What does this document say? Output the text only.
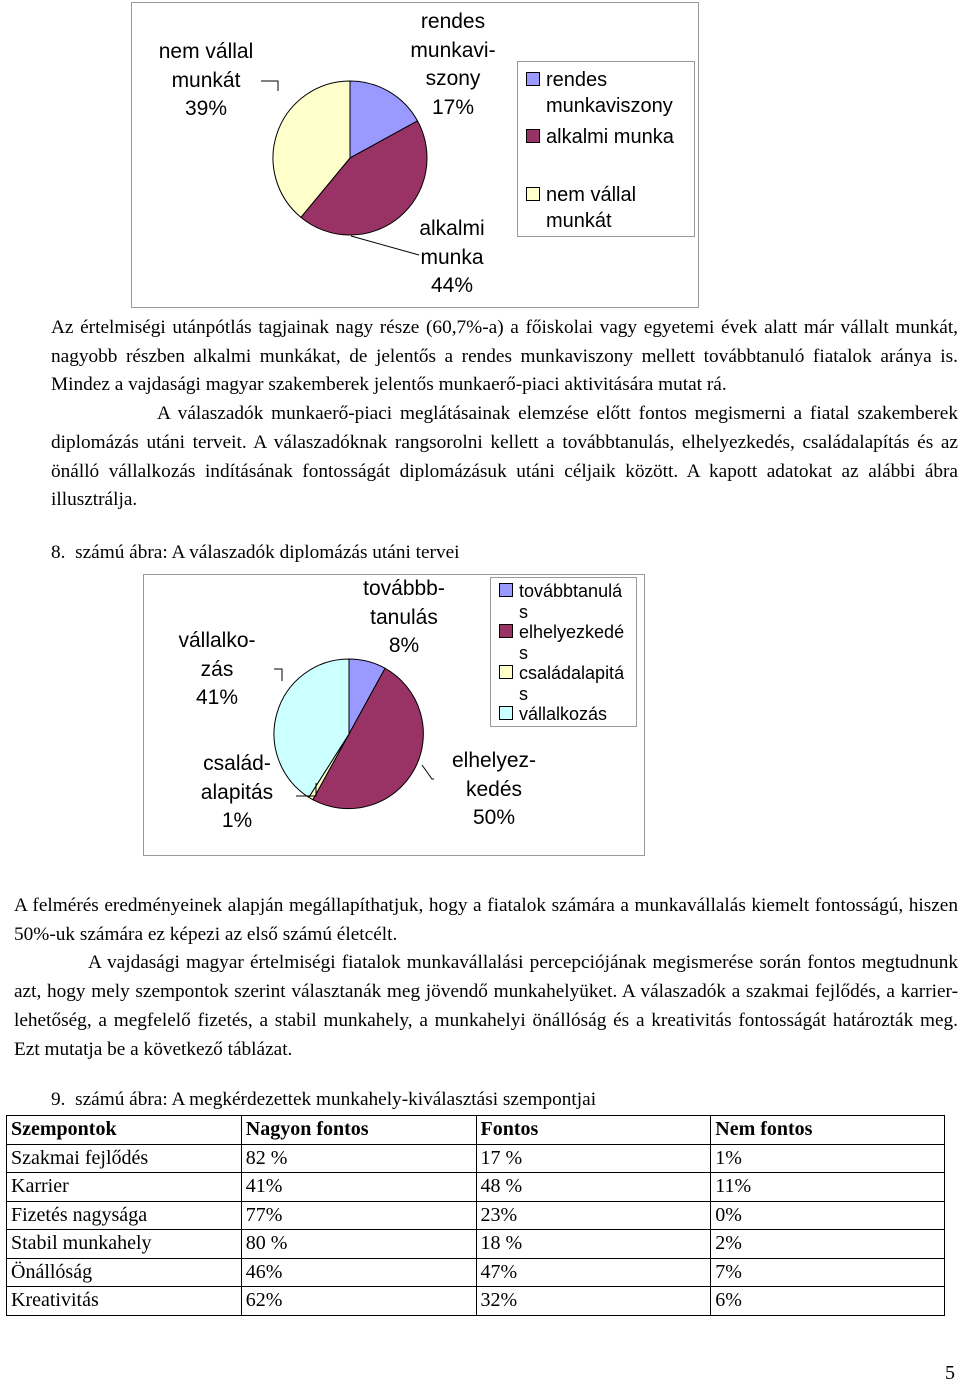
rendes
munkavi-
szony
17%
alkalmi
munka
44%
nem vállal
munkát
39%
rendes
munkaviszony
alkalmi munka
nem vállal
munkát

Az értelmiségi utánpótlás tagjainak nagy része (60,7%-a) a főiskolai vagy egyetemi évek alatt már vállalt munkát, nagyobb részben alkalmi munkákat, de jelentős a rendes munkaviszony mellett továbbtanuló fiatalok aránya is. Mindez a vajdasági magyar szakemberek jelentős munkaerő-piaci aktivitására mutat rá.

A válaszadók munkaerő-piaci meglátásainak elemzése előtt fontos megismerni a fiatal szakemberek diplomázás utáni terveit. A válaszadóknak rangsorolni kellett a továbbtanulás, elhelyezkedés, családalapítás és az önálló vállalkozás indításának fontosságát diplomázásuk utáni céljaik között. A kapott adatokat az alábbi ábra illusztrálja.

8. számú ábra: A válaszadók diplomázás utáni tervei
továbbb-
tanulás
8%
elhelyez-
kedés
50%
család-
alapitás
1%
vállalko-
zás
41%
továbbtanulá
s
elhelyezkedé
s
családalapitá
s
vállalkozás

A felmérés eredményeinek alapján megállapíthatjuk, hogy a fiatalok számára a munkavállalás kiemelt fontosságú, hiszen 50%-uk számára ez képezi az első számú életcélt.

A vajdasági magyar értelmiségi fiatalok munkavállalási percepciójának megismerése során fontos megtudnunk azt, hogy mely szempontok szerint választanák meg jövendő munkahelyüket. A válaszadók a szakmai fejlődés, a karrier-lehetőség, a megfelelő fizetés, a stabil munkahely, a munkahelyi önállóság és a kreativitás fontosságát határozták meg. Ezt mutatja be a következő táblázat.

9. számú ábra: A megkérdezettek munkahely-kiválasztási szempontjai
Szempontok	Nagyon fontos	Fontos	Nem fontos
Szakmai fejlődés	82 %	17 %	1%
Karrier	41%	48 %	11%
Fizetés nagysága	77%	23%	0%
Stabil munkahely	80 %	18 %	2%
Önállóság	46%	47%	7%
Kreativitás	62%	32%	6%
5
